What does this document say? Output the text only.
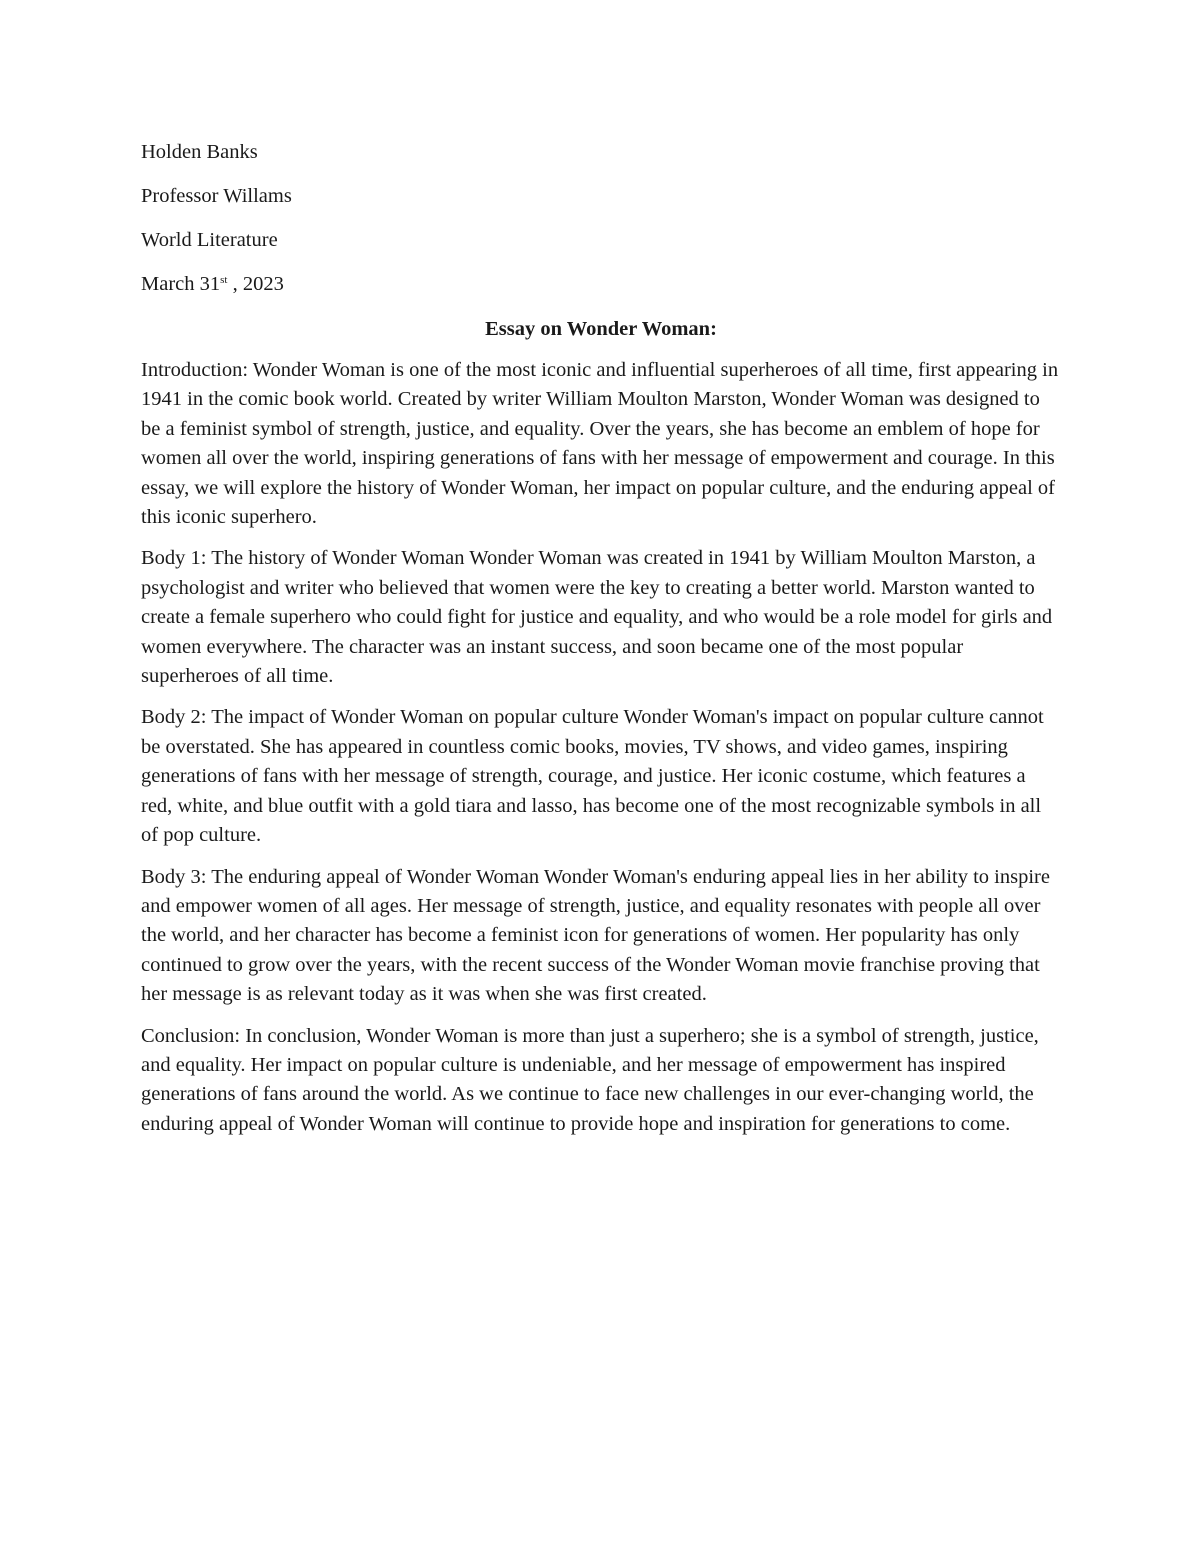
Holden Banks
Professor Willams
World Literature
March 31st , 2023
Essay on Wonder Woman:

Introduction: Wonder Woman is one of the most iconic and influential superheroes of all time, first appearing in 1941 in the comic book world. Created by writer William Moulton Marston, Wonder Woman was designed to be a feminist symbol of strength, justice, and equality. Over the years, she has become an emblem of hope for women all over the world, inspiring generations of fans with her message of empowerment and courage. In this essay, we will explore the history of Wonder Woman, her impact on popular culture, and the enduring appeal of this iconic superhero.

Body 1: The history of Wonder Woman Wonder Woman was created in 1941 by William Moulton Marston, a psychologist and writer who believed that women were the key to creating a better world. Marston wanted to create a female superhero who could fight for justice and equality, and who would be a role model for girls and women everywhere. The character was an instant success, and soon became one of the most popular superheroes of all time.

Body 2: The impact of Wonder Woman on popular culture Wonder Woman's impact on popular culture cannot be overstated. She has appeared in countless comic books, movies, TV shows, and video games, inspiring generations of fans with her message of strength, courage, and justice. Her iconic costume, which features a red, white, and blue outfit with a gold tiara and lasso, has become one of the most recognizable symbols in all of pop culture.

Body 3: The enduring appeal of Wonder Woman Wonder Woman's enduring appeal lies in her ability to inspire and empower women of all ages. Her message of strength, justice, and equality resonates with people all over the world, and her character has become a feminist icon for generations of women. Her popularity has only continued to grow over the years, with the recent success of the Wonder Woman movie franchise proving that her message is as relevant today as it was when she was first created.

Conclusion: In conclusion, Wonder Woman is more than just a superhero; she is a symbol of strength, justice, and equality. Her impact on popular culture is undeniable, and her message of empowerment has inspired generations of fans around the world. As we continue to face new challenges in our ever-changing world, the enduring appeal of Wonder Woman will continue to provide hope and inspiration for generations to come.
